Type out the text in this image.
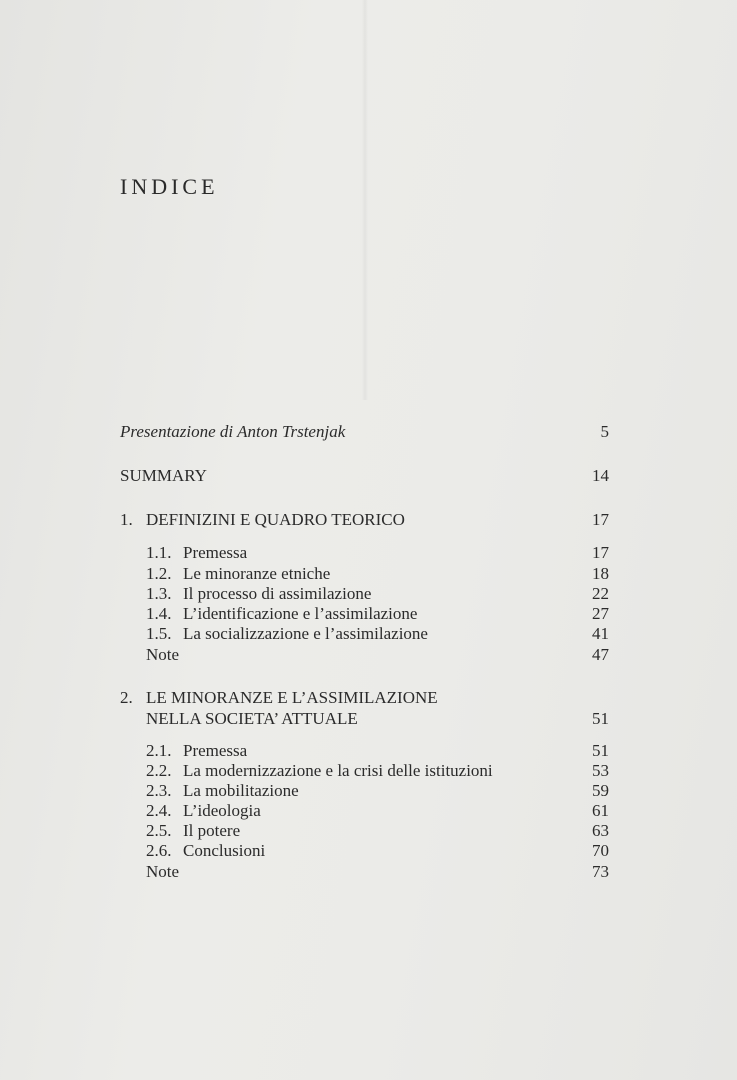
INDICE
Presentazione di Anton Trstenjak	5
SUMMARY	14
1. DEFINIZINI E QUADRO TEORICO	17
1.1. Premessa	17
1.2. Le minoranze etniche	18
1.3. Il processo di assimilazione	22
1.4. L’identificazione e l’assimilazione	27
1.5. La socializzazione e l’assimilazione	41
Note	47
2. LE MINORANZE E L’ASSIMILAZIONE
NELLA SOCIETA’ ATTUALE	51
2.1. Premessa	51
2.2. La modernizzazione e la crisi delle istituzioni	53
2.3. La mobilitazione	59
2.4. L’ideologia	61
2.5. Il potere	63
2.6. Conclusioni	70
Note	73
